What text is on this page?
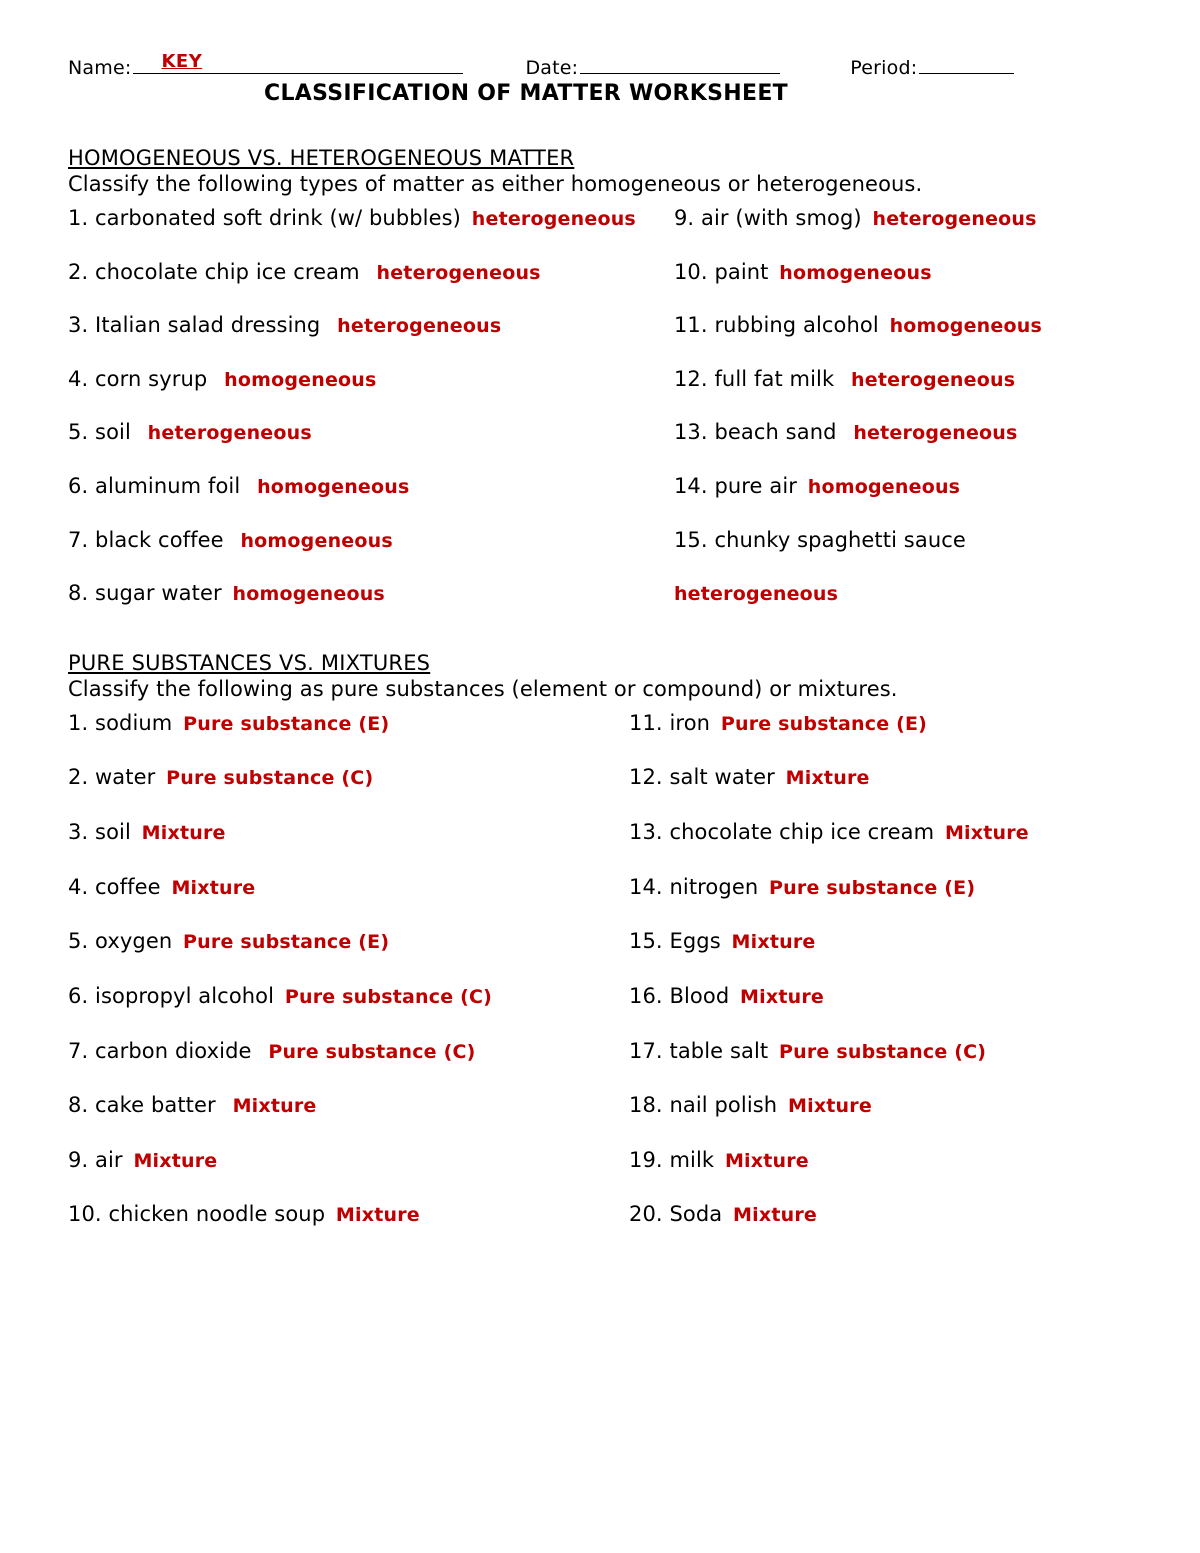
Name: KEY	Date:	Period:
CLASSIFICATION OF MATTER WORKSHEET
HOMOGENEOUS VS. HETEROGENEOUS MATTER
Classify the following types of matter as either homogeneous or heterogeneous.
1. carbonated soft drink (w/ bubbles) heterogeneous
2. chocolate chip ice cream heterogeneous
3. Italian salad dressing heterogeneous
4. corn syrup homogeneous
5. soil heterogeneous
6. aluminum foil homogeneous
7. black coffee homogeneous
8. sugar water homogeneous
9. air (with smog) heterogeneous
10. paint homogeneous
11. rubbing alcohol homogeneous
12. full fat milk heterogeneous
13. beach sand heterogeneous
14. pure air homogeneous
15. chunky spaghetti sauce
heterogeneous
PURE SUBSTANCES VS. MIXTURES
Classify the following as pure substances (element or compound) or mixtures.
1. sodium Pure substance (E)
2. water Pure substance (C)
3. soil Mixture
4. coffee Mixture
5. oxygen Pure substance (E)
6. isopropyl alcohol Pure substance (C)
7. carbon dioxide Pure substance (C)
8. cake batter Mixture
9. air Mixture
10. chicken noodle soup Mixture
11. iron Pure substance (E)
12. salt water Mixture
13. chocolate chip ice cream Mixture
14. nitrogen Pure substance (E)
15. Eggs Mixture
16. Blood Mixture
17. table salt Pure substance (C)
18. nail polish Mixture
19. milk Mixture
20. Soda Mixture
